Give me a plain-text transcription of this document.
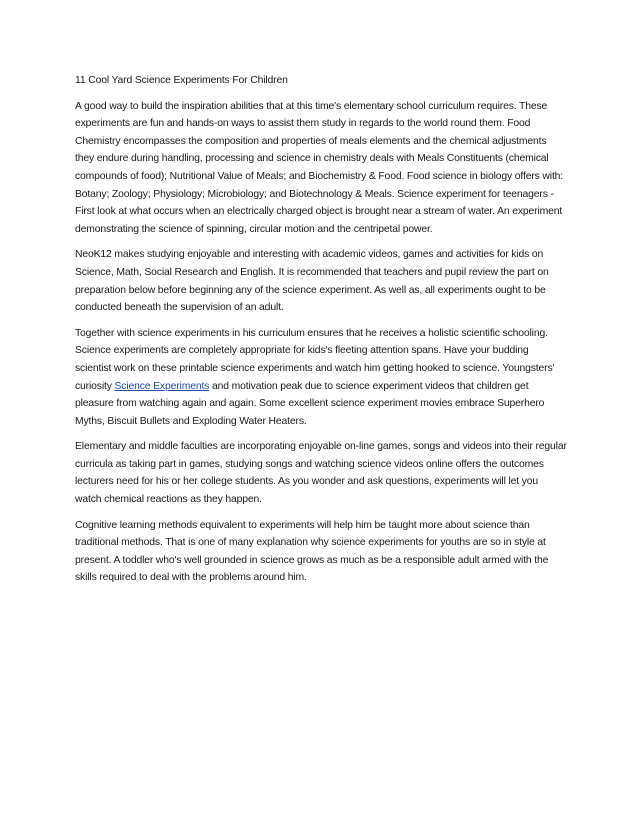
11 Cool Yard Science Experiments For Children

A good way to build the inspiration abilities that at this time's elementary school curriculum requires. These experiments are fun and hands-on ways to assist them study in regards to the world round them. Food Chemistry encompasses the composition and properties of meals elements and the chemical adjustments they endure during handling, processing and science in chemistry deals with Meals Constituents (chemical compounds of food); Nutritional Value of Meals; and Biochemistry & Food. Food science in biology offers with: Botany; Zoology; Physiology; Microbiology; and Biotechnology & Meals. Science experiment for teenagers - First look at what occurs when an electrically charged object is brought near a stream of water. An experiment demonstrating the science of spinning, circular motion and the centripetal power.

NeoK12 makes studying enjoyable and interesting with academic videos, games and activities for kids on Science, Math, Social Research and English. It is recommended that teachers and pupil review the part on preparation below before beginning any of the science experiment. As well as, all experiments ought to be conducted beneath the supervision of an adult.

Together with science experiments in his curriculum ensures that he receives a holistic scientific schooling. Science experiments are completely appropriate for kids's fleeting attention spans. Have your budding scientist work on these printable science experiments and watch him getting hooked to science. Youngsters' curiosity Science Experiments and motivation peak due to science experiment videos that children get pleasure from watching again and again. Some excellent science experiment movies embrace Superhero Myths, Biscuit Bullets and Exploding Water Heaters.

Elementary and middle faculties are incorporating enjoyable on-line games, songs and videos into their regular curricula as taking part in games, studying songs and watching science videos online offers the outcomes lecturers need for his or her college students. As you wonder and ask questions, experiments will let you watch chemical reactions as they happen.

Cognitive learning methods equivalent to experiments will help him be taught more about science than traditional methods. That is one of many explanation why science experiments for youths are so in style at present. A toddler who's well grounded in science grows as much as be a responsible adult armed with the skills required to deal with the problems around him.
